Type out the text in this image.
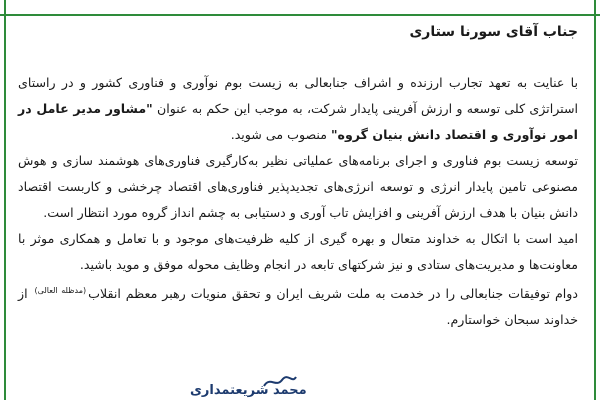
جناب آقای سورنا ستاری

با عنایت به تعهد تجارب ارزنده و اشراف جنابعالی به زیست بوم نوآوری و فناوری کشور و در راستای استراتژی کلی توسعه و ارزش آفرینی پایدار شرکت، به موجب این حکم به عنوان "مشاور مدیر عامل در امور نوآوری و اقتصاد دانش بنیان گروه" منصوب می شوید.

توسعه زیست بوم فناوری و اجرای برنامه‌های عملیاتی نظیر به‌کارگیری فناوری‌های هوشمند سازی و هوش مصنوعی تامین پایدار انرژی و توسعه انرژی‌های تجدیدپذیر فناوری‌های اقتصاد چرخشی و کاربست اقتصاد دانش بنیان با هدف ارزش آفرینی و افزایش تاب آوری و دستیابی به چشم انداز گروه مورد انتظار است.

امید است با اتکال به خداوند متعال و بهره گیری از کلیه ظرفیت‌های موجود و با تعامل و همکاری موثر با معاونت‌ها و مدیریت‌های ستادی و نیز شرکتهای تابعه در انجام وظایف محوله موفق و موید باشید.

دوام توفیقات جنابعالی را در خدمت به ملت شریف ایران و تحقق منویات رهبر معظم انقلاب$^{(مدظله العالی)}$ از خداوند سبحان خواستارم.

محمد شریعتمداری
